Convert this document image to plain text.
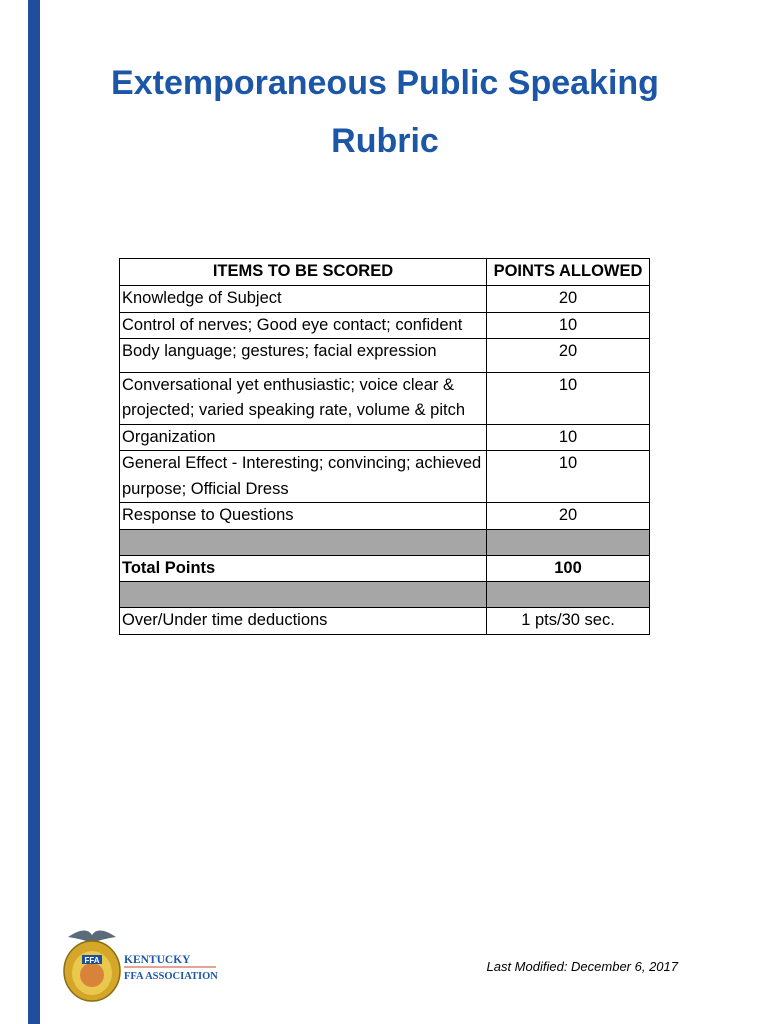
Extemporaneous Public Speaking
Rubric
ITEMS TO BE SCORED	POINTS ALLOWED
Knowledge of Subject	20
Control of nerves; Good eye contact; confident	10
Body language; gestures; facial expression	20
Conversational yet enthusiastic; voice clear & projected; varied speaking rate, volume & pitch	10
Organization	10
General Effect - Interesting; convincing; achieved purpose; Official Dress	10
Response to Questions	20

Total Points	100

Over/Under time deductions	1 pts/30 sec.
FFA KENTUCKY
FFA ASSOCIATION
Last Modified: December 6, 2017
